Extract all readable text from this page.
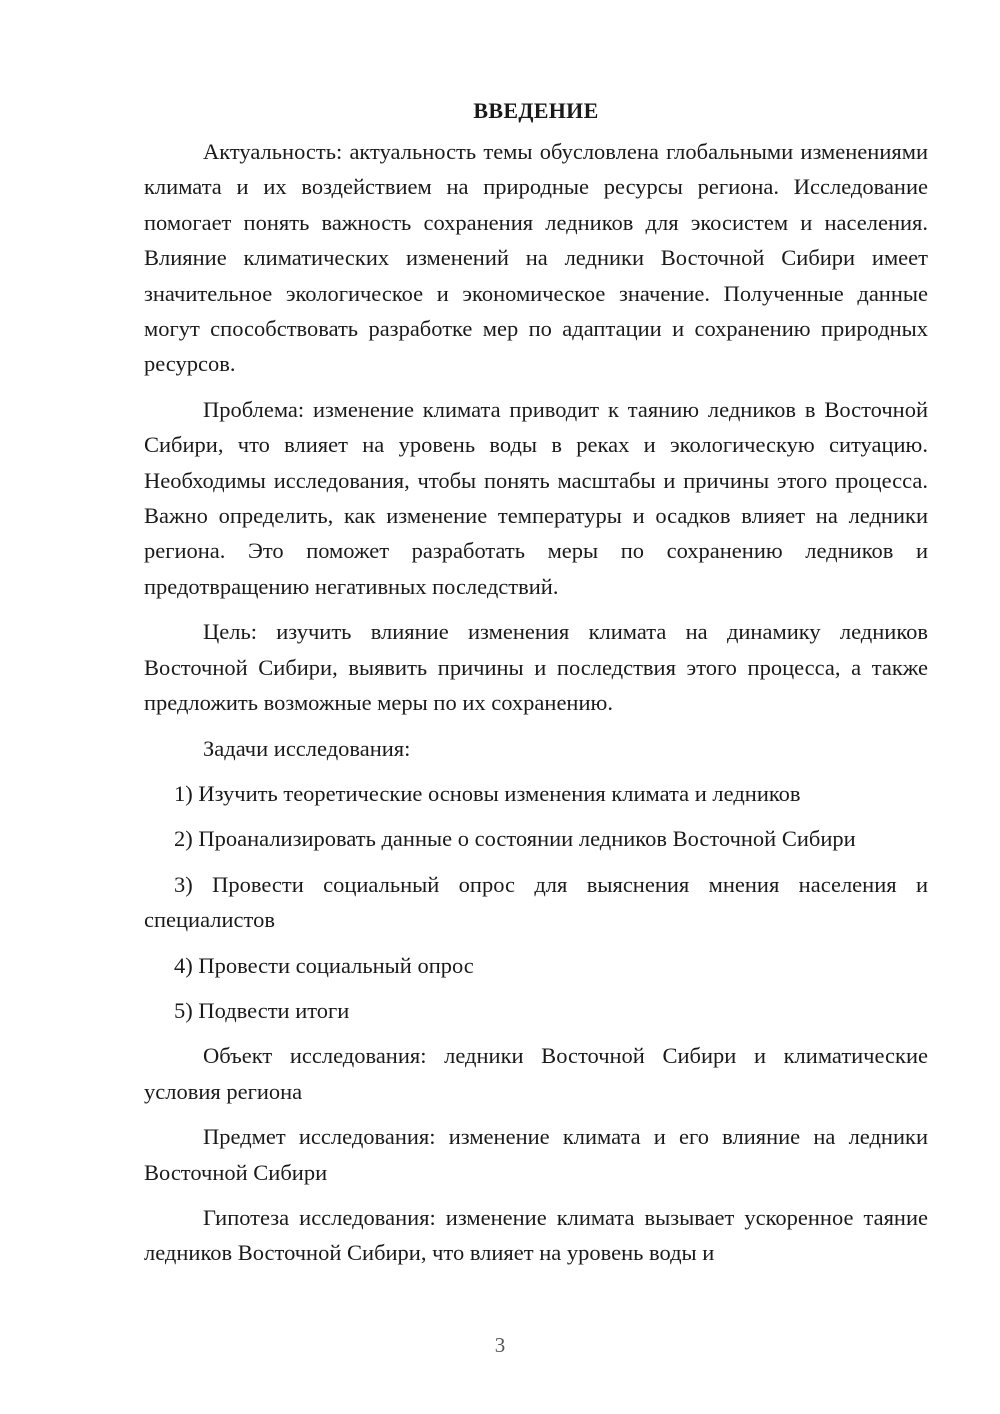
ВВЕДЕНИЕ

Актуальность: актуальность темы обусловлена глобальными изменениями климата и их воздействием на природные ресурсы региона. Исследование помогает понять важность сохранения ледников для экосистем и населения. Влияние климатических изменений на ледники Восточной Сибири имеет значительное экологическое и экономическое значение. Полученные данные могут способствовать разработке мер по адаптации и сохранению природных ресурсов.

Проблема: изменение климата приводит к таянию ледников в Восточной Сибири, что влияет на уровень воды в реках и экологическую ситуацию. Необходимы исследования, чтобы понять масштабы и причины этого процесса. Важно определить, как изменение температуры и осадков влияет на ледники региона. Это поможет разработать меры по сохранению ледников и предотвращению негативных последствий.

Цель: изучить влияние изменения климата на динамику ледников Восточной Сибири, выявить причины и последствия этого процесса, а также предложить возможные меры по их сохранению.

Задачи исследования:

1) Изучить теоретические основы изменения климата и ледников

2) Проанализировать данные о состоянии ледников Восточной Сибири

3) Провести социальный опрос для выяснения мнения населения и специалистов

4) Провести социальный опрос

5) Подвести итоги

Объект исследования: ледники Восточной Сибири и климатические условия региона

Предмет исследования: изменение климата и его влияние на ледники Восточной Сибири

Гипотеза исследования: изменение климата вызывает ускоренное таяние ледников Восточной Сибири, что влияет на уровень воды и

3
